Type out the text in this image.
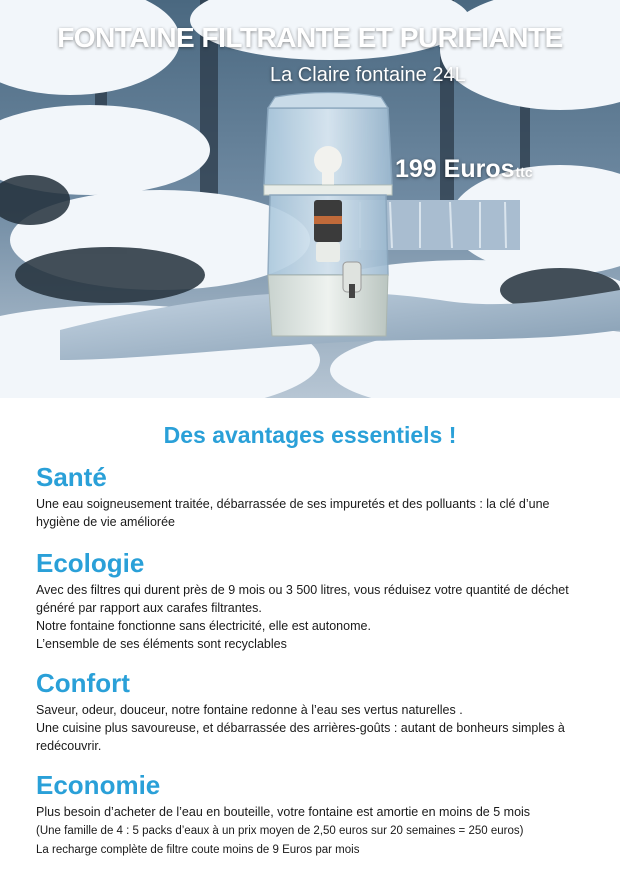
FONTAINE FILTRANTE ET PURIFIANTE
La Claire fontaine 24L
199 Eurosttc
Des avantages essentiels !
Santé

Une eau soigneusement traitée, débarrassée de ses impuretés et des polluants : la clé d’une
hygiène de vie améliorée

Ecologie

Avec des filtres qui durent près de 9 mois ou 3 500 litres, vous réduisez votre quantité de déchet
généré par rapport aux carafes filtrantes.
Notre fontaine fonctionne sans électricité, elle est autonome.
L’ensemble de ses éléments sont recyclables

Confort

Saveur, odeur, douceur, notre fontaine redonne à l’eau ses vertus naturelles .
Une cuisine plus savoureuse, et débarrassée des arrières-goûts : autant de bonheurs simples à
redécouvrir.

Economie

Plus besoin d’acheter de l’eau en bouteille, votre fontaine est amortie en moins de 5 mois
(Une famille de 4 : 5 packs d’eaux à un prix moyen de 2,50 euros sur 20 semaines = 250 euros)
La recharge complète de filtre coute moins de 9 Euros par mois
